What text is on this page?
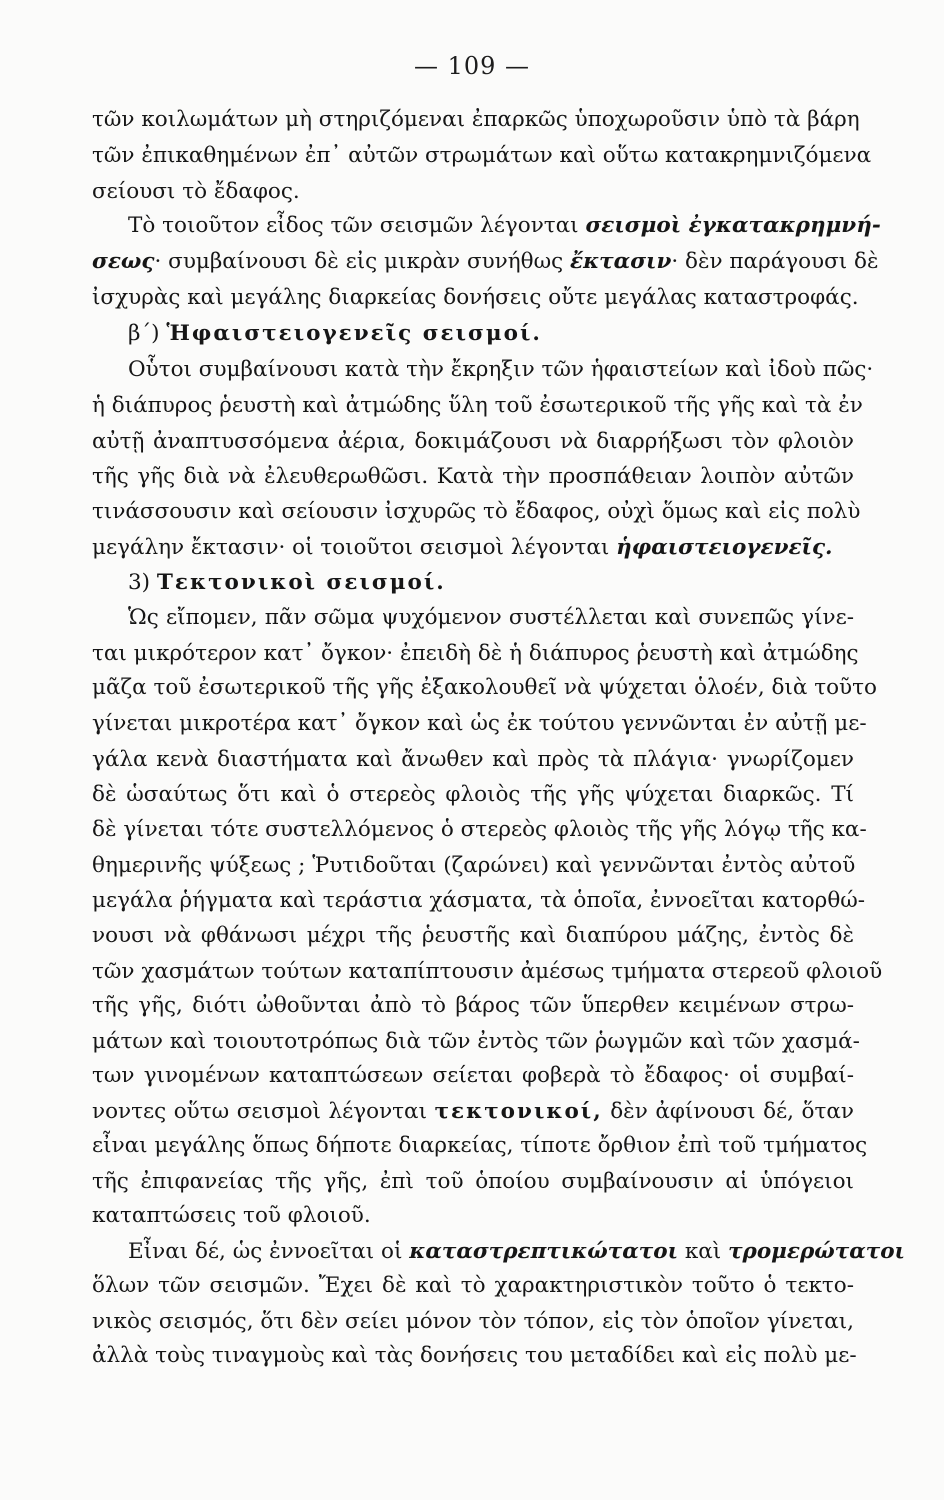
— 109 —
τῶν κοιλωμάτων μὴ στηριζόμεναι ἐπαρκῶς ὑποχωροῦσιν ὑπὸ τὰ βάρη
τῶν ἐπικαθημένων ἐπ᾽ αὐτῶν στρωμάτων καὶ οὕτω κατακρημνιζόμενα
σείουσι τὸ ἔδαφος.
Τὸ τοιοῦτον εἶδος τῶν σεισμῶν λέγονται σεισμοὶ ἐγκατακρημνή-
σεως· συμβαίνουσι δὲ εἰς μικρὰν συνήθως ἔκτασιν· δὲν παράγουσι δὲ
ἰσχυρὰς καὶ μεγάλης διαρκείας δονήσεις οὔτε μεγάλας καταστροφάς.
β΄) Ἡφαιστειογενεῖς σεισμοί.
Οὗτοι συμβαίνουσι κατὰ τὴν ἔκρηξιν τῶν ἡφαιστείων καὶ ἰδοὺ πῶς·
ἡ διάπυρος ῥευστὴ καὶ ἀτμώδης ὕλη τοῦ ἐσωτερικοῦ τῆς γῆς καὶ τὰ ἐν
αὐτῇ ἀναπτυσσόμενα ἀέρια, δοκιμάζουσι νὰ διαρρήξωσι τὸν φλοιὸν
τῆς γῆς διὰ νὰ ἐλευθερωθῶσι. Κατὰ τὴν προσπάθειαν λοιπὸν αὐτῶν
τινάσσουσιν καὶ σείουσιν ἰσχυρῶς τὸ ἔδαφος, οὐχὶ ὅμως καὶ εἰς πολὺ
μεγάλην ἔκτασιν· οἱ τοιοῦτοι σεισμοὶ λέγονται ἡφαιστειογενεῖς.
3) Τεκτονικοὶ σεισμοί.
Ὡς εἴπομεν, πᾶν σῶμα ψυχόμενον συστέλλεται καὶ συνεπῶς γίνε-
ται μικρότερον κατ᾽ ὄγκον· ἐπειδὴ δὲ ἡ διάπυρος ῥευστὴ καὶ ἀτμώδης
μᾶζα τοῦ ἐσωτερικοῦ τῆς γῆς ἐξακολουθεῖ νὰ ψύχεται ὁλοέν, διὰ τοῦτο
γίνεται μικροτέρα κατ᾽ ὄγκον καὶ ὡς ἐκ τούτου γεννῶνται ἐν αὐτῇ με-
γάλα κενὰ διαστήματα καὶ ἄνωθεν καὶ πρὸς τὰ πλάγια· γνωρίζομεν
δὲ ὡσαύτως ὅτι καὶ ὁ στερεὸς φλοιὸς τῆς γῆς ψύχεται διαρκῶς. Τί
δὲ γίνεται τότε συστελλόμενος ὁ στερεὸς φλοιὸς τῆς γῆς λόγῳ τῆς κα-
θημερινῆς ψύξεως ; Ῥυτιδοῦται (ζαρώνει) καὶ γεννῶνται ἐντὸς αὐτοῦ
μεγάλα ῥήγματα καὶ τεράστια χάσματα, τὰ ὁποῖα, ἐννοεῖται κατορθώ-
νουσι νὰ φθάνωσι μέχρι τῆς ῥευστῆς καὶ διαπύρου μάζης, ἐντὸς δὲ
τῶν χασμάτων τούτων καταπίπτουσιν ἀμέσως τμήματα στερεοῦ φλοιοῦ
τῆς γῆς, διότι ὠθοῦνται ἀπὸ τὸ βάρος τῶν ὕπερθεν κειμένων στρω-
μάτων καὶ τοιουτοτρόπως διὰ τῶν ἐντὸς τῶν ῥωγμῶν καὶ τῶν χασμά-
των γινομένων καταπτώσεων σείεται φοβερὰ τὸ ἔδαφος· οἱ συμβαί-
νοντες οὕτω σεισμοὶ λέγονται τεκτονικοί, δὲν ἀφίνουσι δέ, ὅταν
εἶναι μεγάλης ὅπως δήποτε διαρκείας, τίποτε ὄρθιον ἐπὶ τοῦ τμήματος
τῆς ἐπιφανείας τῆς γῆς, ἐπὶ τοῦ ὁποίου συμβαίνουσιν αἱ ὑπόγειοι
καταπτώσεις τοῦ φλοιοῦ.
Εἶναι δέ, ὡς ἐννοεῖται οἱ καταστρεπτικώτατοι καὶ τρομερώτατοι
ὅλων τῶν σεισμῶν. Ἔχει δὲ καὶ τὸ χαρακτηριστικὸν τοῦτο ὁ τεκτο-
νικὸς σεισμός, ὅτι δὲν σείει μόνον τὸν τόπον, εἰς τὸν ὁποῖον γίνεται,
ἀλλὰ τοὺς τιναγμοὺς καὶ τὰς δονήσεις του μεταδίδει καὶ εἰς πολὺ με-
